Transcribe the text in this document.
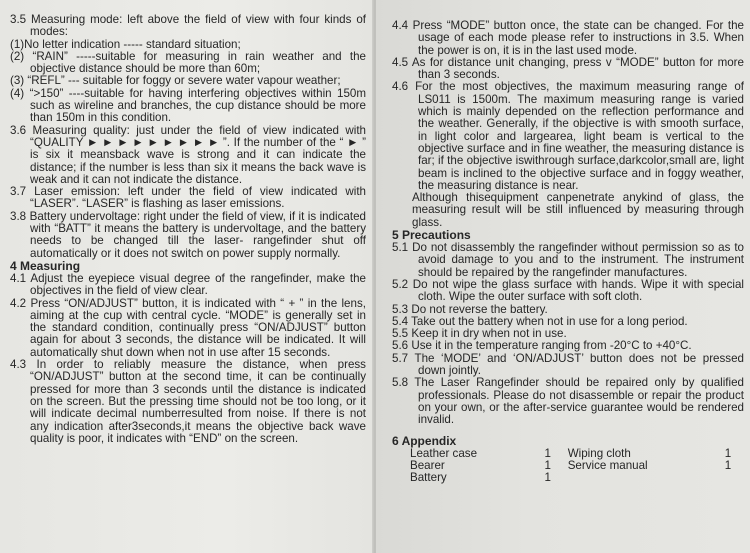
3.5 Measuring mode: left above the field of view with four kinds of modes:

(1)No letter indication ----- standard situation;

(2) “RAIN” -----suitable for measuring in rain weather and the objective distance should be more than 60m;

(3) “REFL” --- suitable for foggy or severe water vapour weather;

(4) “>150” ----suitable for having interfering objectives within 150m such as wireline and branches, the cup distance should be more than 150m in this condition.

3.6 Measuring quality: just under the field of view indicated with “QUALITY ► ► ► ► ► ► ► ► ► ”. If the number of the “ ► ” is six it meansback wave is strong and it can indicate the distance; if the number is less than six it means the back wave is weak and it can not indicate the distance.

3.7 Laser emission: left under the field of view indicated with “LASER”. “LASER” is flashing as laser emissions.

3.8 Battery undervoltage: right under the field of view, if it is indicated with “BATT” it means the battery is undervoltage, and the battery needs to be changed till the laser- rangefinder shut off automatically or it does not switch on power supply normally.

4 Measuring

4.1 Adjust the eyepiece visual degree of the rangefinder, make the objectives in the field of view clear.

4.2 Press “ON/ADJUST” button, it is indicated with “ + ” in the lens, aiming at the cup with central cycle. “MODE” is generally set in the standard condition, continually press “ON/ADJUST” button again for about 3 seconds, the distance will be indicated. It will automatically shut down when not in use after 15 seconds.

4.3 In order to reliably measure the distance, when press “ON/ADJUST” button at the second time, it can be continually pressed for more than 3 seconds until the distance is indicated on the screen. But the pressing time should not be too long, or it will indicate decimal numberresulted from noise. If there is not any indication after3seconds,it means the objective back wave quality is poor, it indicates with “END” on the screen.

4.4 Press “MODE” button once, the state can be changed. For the usage of each mode please refer to instructions in 3.5. When the power is on, it is in the last used mode.

4.5 As for distance unit changing, press v “MODE” button for more than 3 seconds.

4.6 For the most objectives, the maximum measuring range of LS011 is 1500m. The maximum measuring range is varied which is mainly depended on the reflection performance and the weather. Generally, if the objective is with smooth surface, in light color and largearea, light beam is vertical to the objective surface and in fine weather, the measuring distance is far; if the objective iswithrough surface,darkcolor,small are, light beam is inclined to the objective surface and in foggy weather, the measuring distance is near.

Although thisequipment canpenetrate anykind of glass, the measuring result will be still influenced by measuring through glass.

5 Precautions

5.1 Do not disassembly the rangefinder without permission so as to avoid damage to you and to the instrument. The instrument should be repaired by the rangefinder manufactures.

5.2 Do not wipe the glass surface with hands. Wipe it with special cloth. Wipe the outer surface with soft cloth.

5.3 Do not reverse the battery.

5.4 Take out the battery when not in use for a long period.

5.5 Keep it in dry when not in use.

5.6 Use it in the temperature ranging from -20°C to +40°C.

5.7 The ‘MODE’ and ‘ON/ADJUST’ button does not be pressed down jointly.

5.8 The Laser Rangefinder should be repaired only by qualified professionals. Please do not disassemble or repair the product on your own, or the after-service guarantee would be rendered invalid.

6 Appendix
Leather case	1	Wiping cloth	1
Bearer	1	Service manual	1
Battery	1		
